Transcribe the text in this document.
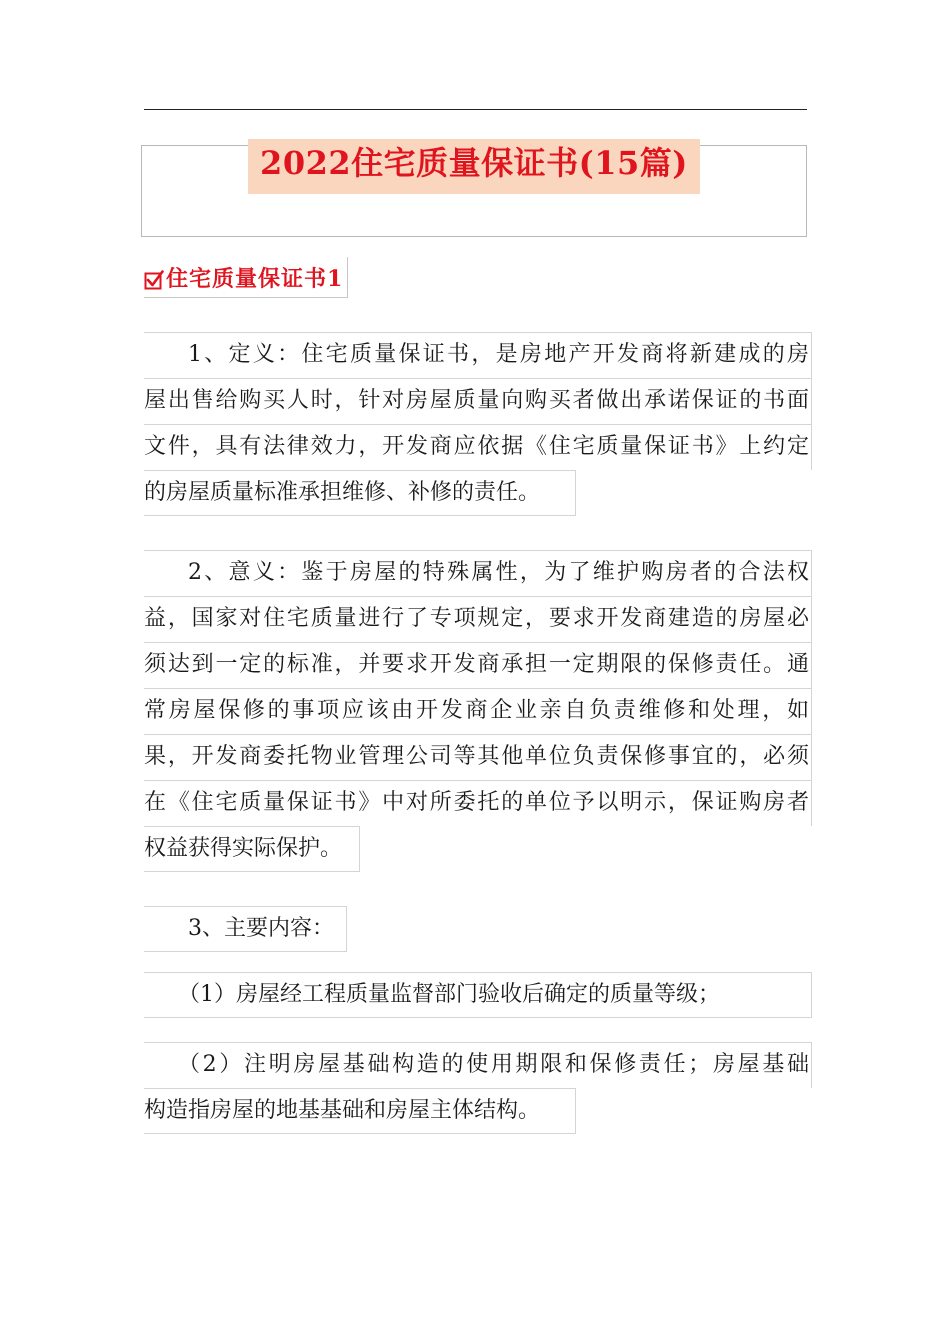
2022住宅质量保证书(15篇)
住宅质量保证书1
1、定义：住宅质量保证书，是房地产开发商将新建成的房
屋出售给购买人时，针对房屋质量向购买者做出承诺保证的书面
文件，具有法律效力，开发商应依据《住宅质量保证书》上约定
的房屋质量标准承担维修、补修的责任。
2、意义：鉴于房屋的特殊属性，为了维护购房者的合法权
益，国家对住宅质量进行了专项规定，要求开发商建造的房屋必
须达到一定的标准，并要求开发商承担一定期限的保修责任。通
常房屋保修的事项应该由开发商企业亲自负责维修和处理，如
果，开发商委托物业管理公司等其他单位负责保修事宜的，必须
在《住宅质量保证书》中对所委托的单位予以明示，保证购房者
权益获得实际保护。
3、主要内容：
（1）房屋经工程质量监督部门验收后确定的质量等级；
（2）注明房屋基础构造的使用期限和保修责任；房屋基础
构造指房屋的地基基础和房屋主体结构。
